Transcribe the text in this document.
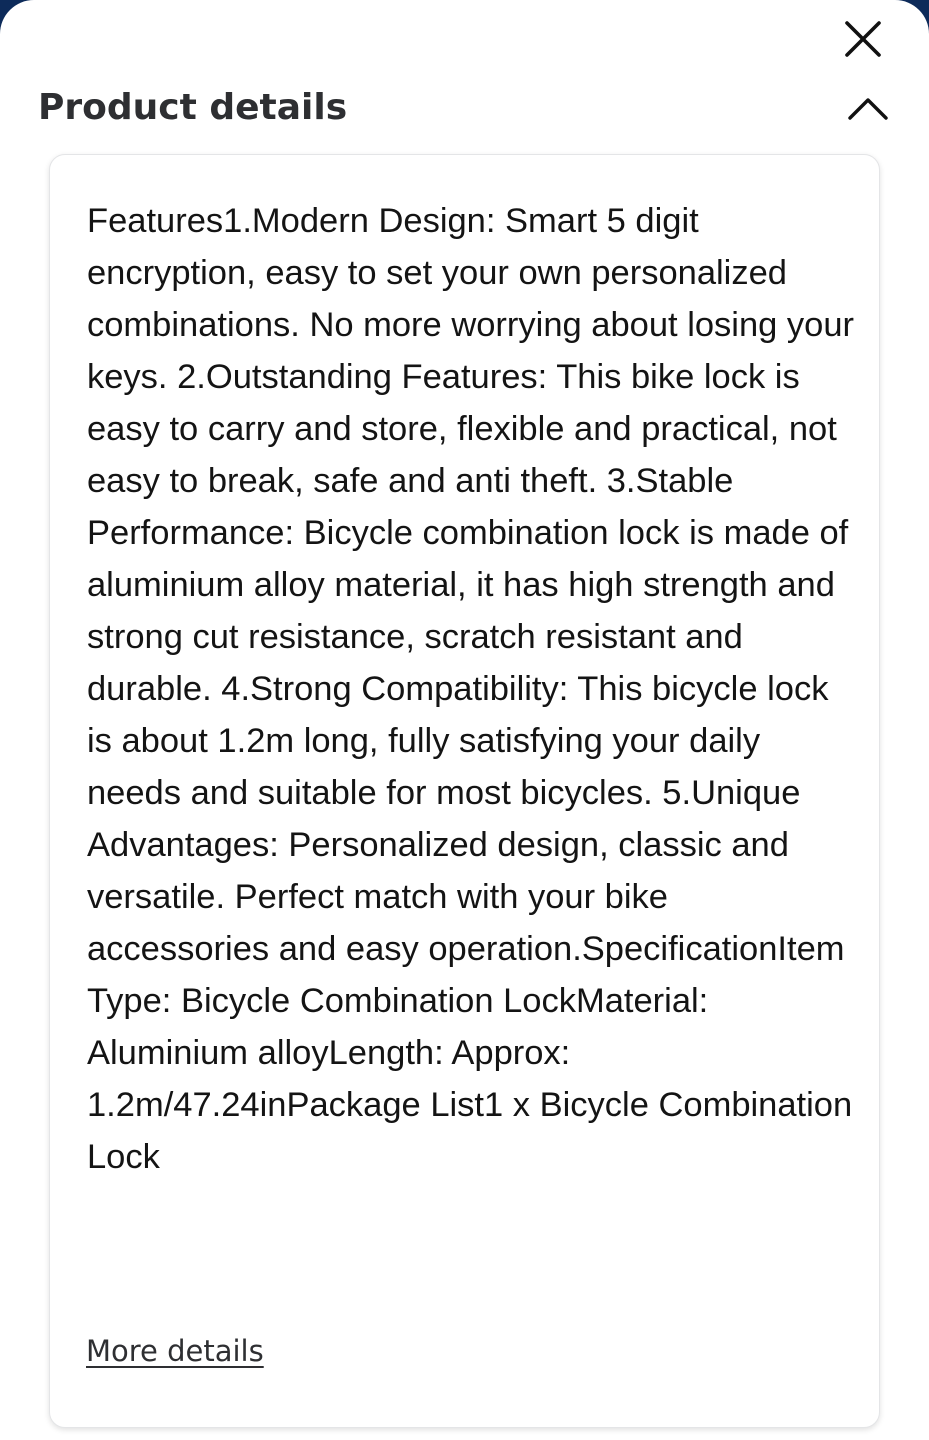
Product details

Features1.Modern Design: Smart 5 digit encryption, easy to set your own personalized combinations. No more worrying about losing your keys. 2.Outstanding Features: This bike lock is easy to carry and store, flexible and practical, not easy to break, safe and anti theft. 3.Stable Performance: Bicycle combination lock is made of aluminium alloy material, it has high strength and strong cut resistance, scratch resistant and durable. 4.Strong Compatibility: This bicycle lock is about 1.2m long, fully satisfying your daily needs and suitable for most bicycles. 5.Unique Advantages: Personalized design, classic and versatile. Perfect match with your bike accessories and easy operation.SpecificationItem Type: Bicycle Combination LockMaterial: Aluminium alloyLength: Approx: 1.2m/47.24inPackage List1 x Bicycle Combination Lock

More details
